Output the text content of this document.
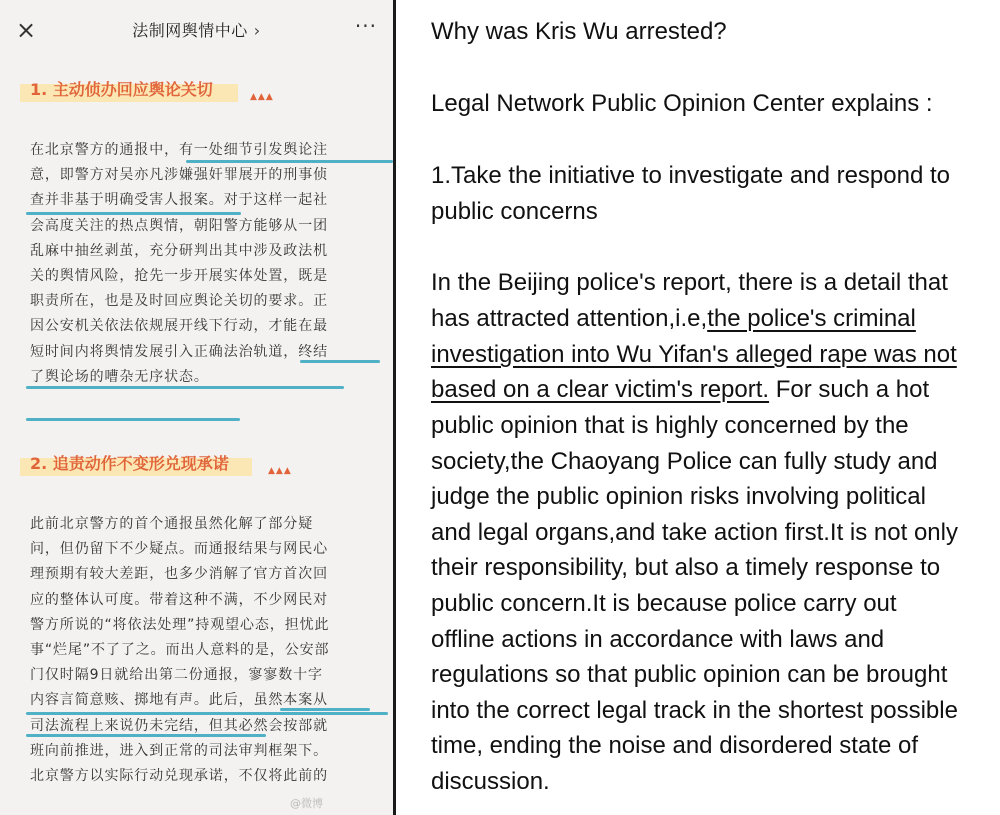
×	法制网舆情中心 ›	···
1. 主动侦办回应舆论关切	▲▲▲
在北京警方的通报中，有一处细节引发舆论注
意，即警方对吴亦凡涉嫌强奸罪展开的刑事侦
查并非基于明确受害人报案。对于这样一起社
会高度关注的热点舆情，朝阳警方能够从一团
乱麻中抽丝剥茧，充分研判出其中涉及政法机
关的舆情风险，抢先一步开展实体处置，既是
职责所在，也是及时回应舆论关切的要求。正
因公安机关依法依规展开线下行动，才能在最
短时间内将舆情发展引入正确法治轨道，终结
了舆论场的嘈杂无序状态。
2. 追责动作不变形兑现承诺	▲▲▲
此前北京警方的首个通报虽然化解了部分疑
问，但仍留下不少疑点。而通报结果与网民心
理预期有较大差距，也多少消解了官方首次回
应的整体认可度。带着这种不满，不少网民对
警方所说的“将依法处理”持观望心态，担忧此
事“烂尾”不了了之。而出人意料的是，公安部
门仅时隔9日就给出第二份通报，寥寥数十字
内容言简意赅、掷地有声。此后，虽然本案从
司法流程上来说仍未完结，但其必然会按部就
班向前推进，进入到正常的司法审判框架下。
北京警方以实际行动兑现承诺，不仅将此前的
@微博
Why was Kris Wu arrested?
Legal Network Public Opinion Center explains :
1.Take the initiative to investigate and respond to
public concerns
In the Beijing police's report, there is a detail that
has attracted attention,i.e,the police's criminal
investigation into Wu Yifan's alleged rape was not
based on a clear victim's report. For such a hot
public opinion that is highly concerned by the
society,the Chaoyang Police can fully study and
judge the public opinion risks involving political
and legal organs,and take action first.It is not only
their responsibility, but also a timely response to
public concern.It is because police carry out
offline actions in accordance with laws and
regulations so that public opinion can be brought
into the correct legal track in the shortest possible
time, ending the noise and disordered state of
discussion.
